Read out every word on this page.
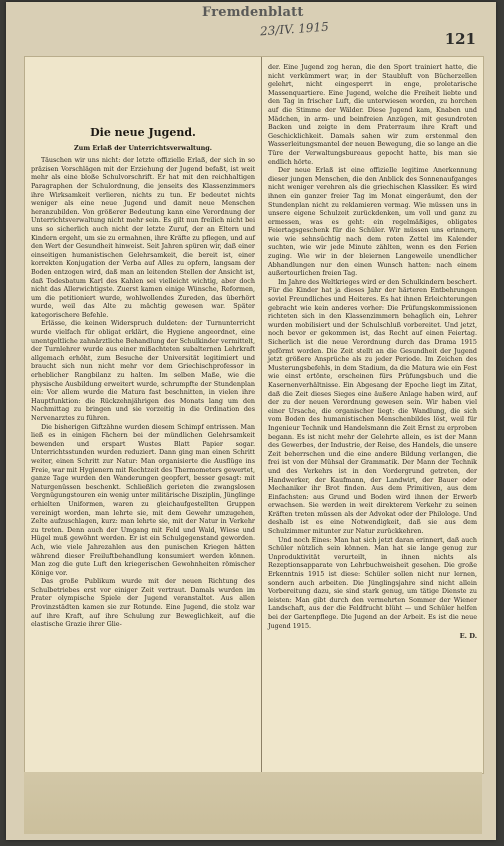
Fremdenblatt
23/IV. 1915
121
Die neue Jugend.
Zum Erlaß der Unterrichtsverwaltung.

Täuschen wir uns nicht: der letzte offizielle Erlaß, der sich in so präzisen Vorschlägen mit der Erziehung der Jugend befaßt, ist weit mehr als eine bloße Schulvorschrift. Er hat mit den reichhaltigen Paragraphen der Schulordnung, die jenseits des Klassenzimmers ihre Wirksamkeit verlieren, nichts zu tun. Er bedeutet nichts weniger als eine neue Jugend und damit neue Menschen heranzubilden. Von größerer Bedeutung kann eine Verordnung der Unterrichtsverwaltung nicht mehr sein. Es gilt nun freilich nicht bei uns so sicherlich auch nicht der letzte Zuruf, der an Eltern und Kindern ergeht, um sie zu ermahnen, ihre Kräfte zu pflegen, und auf den Wert der Gesundheit hinweist. Seit Jahren spüren wir, daß einer einseitigen humanistischen Gelehrsamkeit, die bereit ist, einer korrekten Konjugation der Verba auf Alles zu opfern, langsam der Boden entzogen wird, daß man an leitenden Stellen der Ansicht ist, daß Todesbatum Karl des Kahlen sei vielleicht wichtig, aber doch nicht das Allerwichtigste. Zuerst kamen einige Wünsche, Reformen, um die petitioniert wurde, wohlwollendes Zureden, das überhört wurde, weil das Alte zu mächtig gewesen war. Später kategorischere Befehle.

Erlässe, die keinen Widerspruch duldeten: der Turnunterricht wurde vielfach für obligat erklärt, die Hygiene angeordnet, eine unentgeltliche zahnärztliche Behandlung der Schulkinder vermittelt, der Turnlehrer wurde aus einer mißachteten subalternen Lehrkraft allgemach erhöht, zum Besuche der Universität legitimiert und braucht sich nun nicht mehr vor dem Griechischprofessor in erheblicher Rangbilanz zu halten. Im selben Maße, wie die physische Ausbildung erweitert wurde, schrumpfte der Stundenplan ein: Vor allem wurde die Matura fast beschnitten, in vielen ihre Hauptfunktion: die Rückzehnjährigen des Monats lang um den Nachmittag zu bringen und sie vorzeitig in die Ordination des Nervenarztes zu führen.

Die bisherigen Giftzähne wurden diesem Schimpf entrissen. Man ließ es in einigen Fächern bei der mündlichen Gelehrsamkeit bewenden und erspart Wustes Blatt Papier sogar. Unterrichtsstunden wurden reduziert. Dann ging man einen Schritt weiter, einen Schritt zur Natur: Man organisierte die Ausflüge ins Freie, war mit Hygienern mit Rechtzeit des Thermometers gewertet, ganze Tage wurden den Wanderungen geopfert, besser gesagt: mit Naturgenüssen beschenkt. Schließlich gerieten die zwangslosen Vergnügungstouren ein wenig unter militärische Disziplin, Jünglinge erhielten Uniformen, waren zu gleichaufgestellten Gruppen vereinigt worden, man lehrte sie, mit dem Gewehr umzugehen, Zelte aufzuschlagen, kurz: man lehrte sie, mit der Natur in Verkehr zu treten. Denn auch der Umgang mit Feld und Wald, Wiese und Hügel muß gewöhnt werden. Er ist ein Schulgegenstand geworden. Ach, wie viele Jahrezahlen aus den punischen Kriegen hätten während dieser Freiluftbehandlung konsumiert werden können. Man zog die gute Luft den kriegerischen Gewohnheiten römischer Könige vor.

Das große Publikum wurde mit der neuen Richtung des Schulbetriebes erst vor einiger Zeit vertraut. Damals wurden im Prater olympische Spiele der Jugend veranstaltet. Aus allen Provinzstädten kamen sie zur Rotunde. Eine Jugend, die stolz war auf ihre Kraft, auf ihre Schulung zur Beweglichkeit, auf die elastische Grazie ihrer Glie-

der. Eine Jugend zog heran, die den Sport trainiert hatte, die nicht verkümmert war, in der Staubluft von Bücherzellen gelehrt, nicht eingesperrt in enge, proletarische Massenquartiere. Eine Jugend, welche die Freiheit liebte und den Tag in frischer Luft, die unterwiesen worden, zu horchen auf die Stimme der Wälder. Diese Jugend kam, Knaben und Mädchen, in arm- und beinfreien Anzügen, mit gesundroten Backen und zeigte in dem Praterraum ihre Kraft und Geschicklichkeit. Damals sahen wir zum erstenmal den Wasserleitungsmantel der neuen Bewegung, die so lange an die Türe der Verwaltungsbureaus gepocht hatte, bis man sie endlich hörte.

Der neue Erlaß ist eine offizielle legitime Anerkennung dieser jungen Menschen, die den Anblick des Sonnenaufganges nicht weniger verehren als die griechischen Klassiker. Es wird ihnen ein ganzer freier Tag im Monat eingeräumt, den der Stundenplan nicht zu reklamieren vermag. Wie müssen uns in unsere eigene Schulzeit zurückdenken, um voll und ganz zu ermessen, was es geht: ein regelmäßiges, obligates Feiertagsgeschenk für die Schüler. Wir müssen uns erinnern, wie wie sehnsüchtig nach dem roten Zettel im Kalender suchten, wie wir jede Minute zählten, wenn es den Ferien zuging. Wie wir in der bleiernen Langeweile unendlicher Abhandlungen nur den einen Wunsch hatten: nach einem außertourlichen freien Tag.

Im Jahre des Weltkrieges wird er den Schulkindern beschert. Für die Kinder hat ja dieses Jahr der härteren Entbehrungen soviel Freundliches und Heiteres. Es hat ihnen Erleichterungen gebracht wie kein anderes vorher: Die Prüfungskommissionen richteten sich in den Klassenzimmern behaglich ein, Lehrer wurden mobilisiert und der Schulschluß vorbereitet. Und jetzt, noch bevor er gekommen ist, das Recht auf einen Feiertag. Sicherlich ist die neue Verordnung durch das Drama 1915 geförmt worden. Die Zeit stellt an die Gesundheit der Jugend jetzt größere Ansprüche als zu jeder Periode. Im Zeichen des Musterungsbefehls, in dem Stadium, da die Matura wie ein Fest wie einst ertönte, erscheinen fürs Prüfungsbuch und die Kasernenverhältnisse. Ein Abgesang der Epoche liegt im Zitat, daß die Zeit dieses Sieges eine äußere Anlage haben wird, auf der zu der neuen Verordnung gewesen sein. Wir haben viel einer Ursache, die organischer liegt: die Wandlung, die sich vom Boden des humanistischen Menschenbildes löst, weil für Ingenieur Technik und Handelsmann die Zeit Ernst zu erproben begann. Es ist nicht mehr der Gelehrte allein, es ist der Mann des Gewerbes, der Industrie, der Reise, des Handels, die unsere Zeit beherrschen und die eine andere Bildung verlangen, die frei ist von der Mühsal der Grammatik. Der Mann der Technik und des Verkehrs ist in den Vordergrund getreten, der Handwerker, der Kaufmann, der Landwirt, der Bauer oder Mechaniker ihr Brot finden. Aus dem Primitiven, aus dem Einfachsten: aus Grund und Boden wird ihnen der Erwerb erwachsen. Sie werden in weit direkterem Verkehr zu seinen Kräften treten müssen als der Advokat oder der Philologe. Und deshalb ist es eine Notwendigkeit, daß sie aus dem Schulzimmer mitunter zur Natur zurückkehren.

Und noch Eines: Man hat sich jetzt daran erinnert, daß auch Schüler nützlich sein können. Man hat sie lange genug zur Unproduktivität verurteilt, in ihnen nichts als Rezeptionsapparate von Lehrbuchweisheit gesehen. Die große Erkenntnis 1915 ist diese: Schüler sollen nicht nur lernen, sondern auch arbeiten. Die Jünglingsjahre sind nicht allein Vorbereitung dazu, sie sind stark genug, um tätige Dienste zu leisten: Man gibt durch den vermehrten Sommer der Wiener Landschaft, aus der die Feldfrucht blüht — und Schüler helfen bei der Gartenpflege. Die Jugend an der Arbeit. Es ist die neue Jugend 1915.

E. D.
